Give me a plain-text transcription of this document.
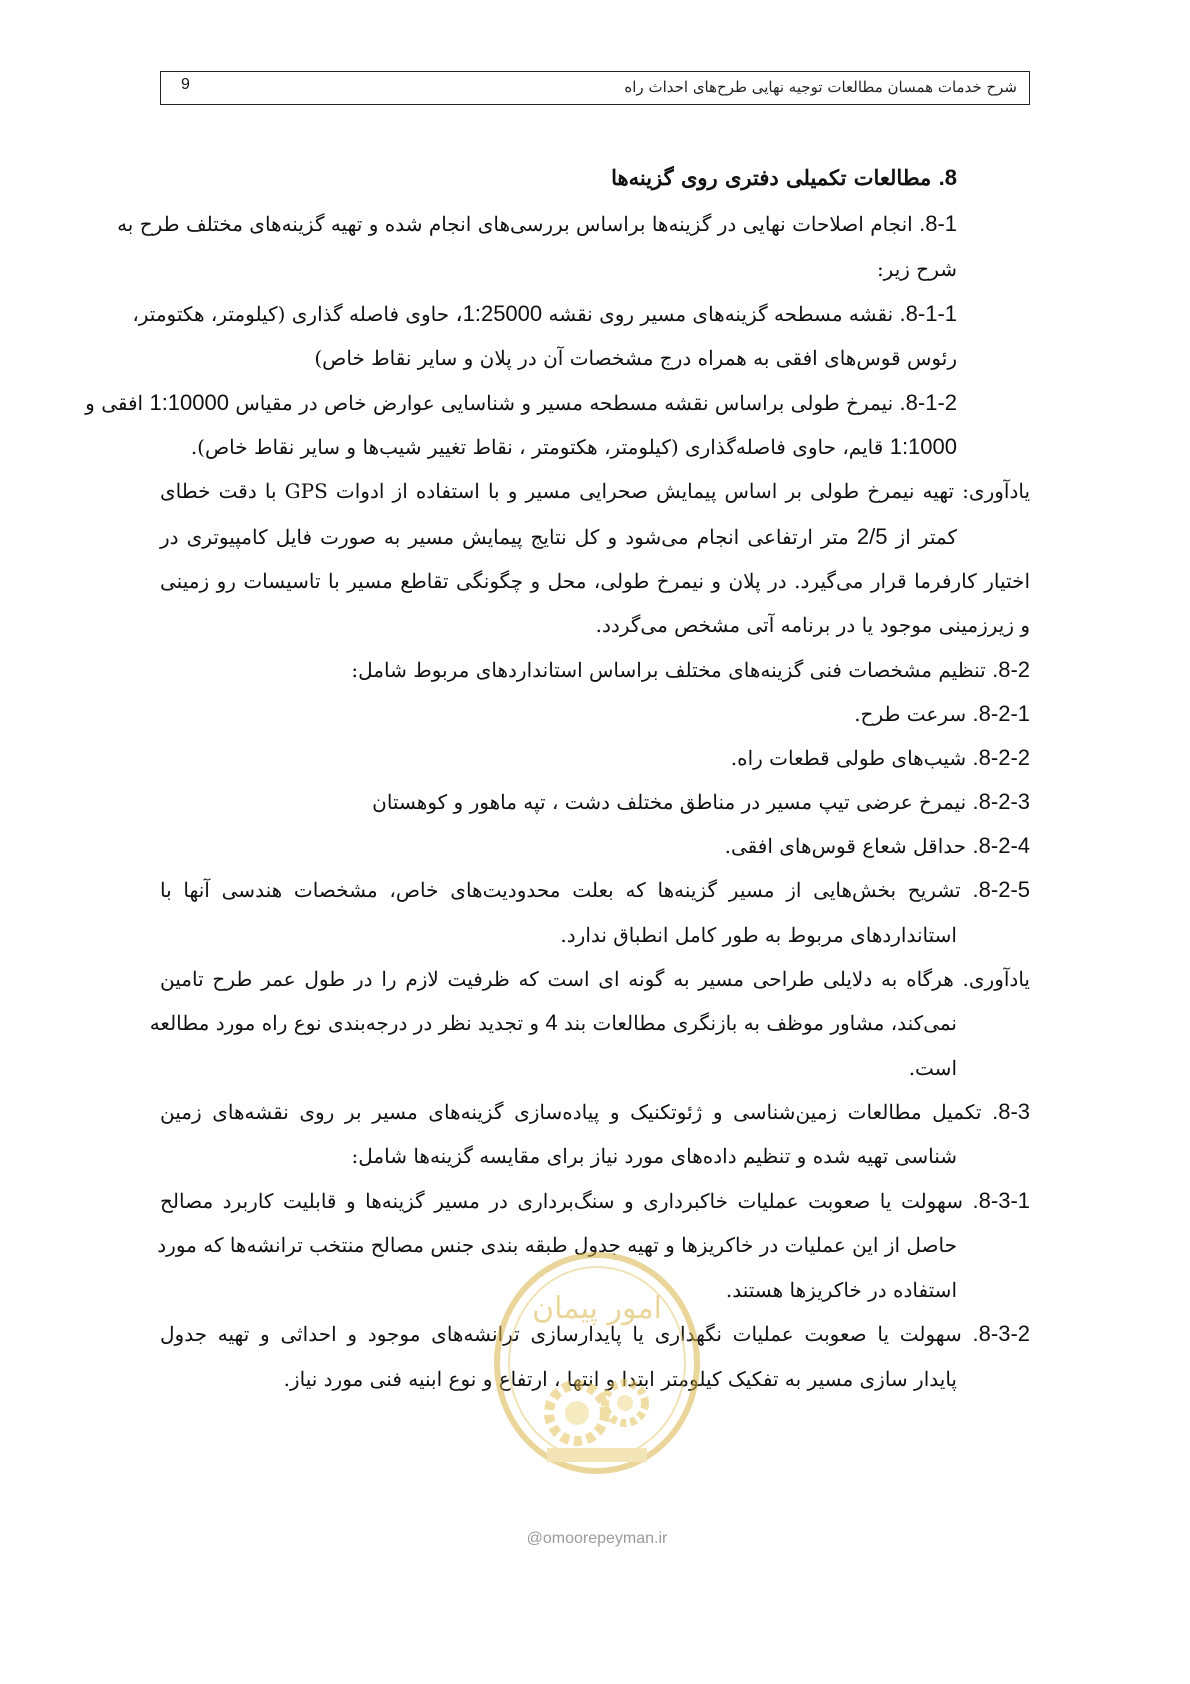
شرح خدمات همسان مطالعات توجیه نهایی طرح‌های احداث راه
9
8. مطالعات تکمیلی دفتری روی گزینه‌ها
8-1. انجام اصلاحات نهایی در گزینه‌ها براساس بررسی‌های انجام شده و تهیه گزینه‌های مختلف طرح به
شرح زیر:
8-1-1. نقشه مسطحه گزینه‌های مسیر روی نقشه 1:25000، حاوی فاصله گذاری (کیلومتر، هکتومتر،
رئوس قوس‌های افقی به همراه درج مشخصات آن در پلان و سایر نقاط خاص)
8-1-2. نیمرخ طولی براساس نقشه مسطحه مسیر و شناسایی عوارض خاص در مقیاس 1:10000 افقی و
1:1000 قایم، حاوی فاصله‌گذاری (کیلومتر، هکتومتر ، نقاط تغییر شیب‌ها و سایر نقاط خاص).
یادآوری: تهیه نیمرخ طولی بر اساس پیمایش صحرایی مسیر و با استفاده از ادوات GPS با دقت خطای
کمتر از 2/5 متر ارتفاعی انجام می‌شود و کل نتایج پیمایش مسیر به صورت فایل کامپیوتری در
اختیار کارفرما قرار می‌گیرد. در پلان و نیمرخ طولی، محل و چگونگی تقاطع مسیر با تاسیسات رو زمینی
و زیرزمینی موجود یا در برنامه آتی مشخص می‌گردد.
8-2. تنظیم مشخصات فنی گزینه‌های مختلف براساس استانداردهای مربوط شامل:
8-2-1. سرعت طرح.
8-2-2. شیب‌های طولی قطعات راه.
8-2-3. نیمرخ عرضی تیپ مسیر در مناطق مختلف دشت ، تپه ماهور و کوهستان
8-2-4. حداقل شعاع قوس‌های افقی.
8-2-5. تشریح بخش‌هایی از مسیر گزینه‌ها که بعلت محدودیت‌های خاص، مشخصات هندسی آنها با
استانداردهای مربوط به طور کامل انطباق ندارد.
یادآوری. هرگاه به دلایلی طراحی مسیر به گونه ای است که ظرفیت لازم را در طول عمر طرح تامین
نمی‌کند، مشاور موظف به بازنگری مطالعات بند 4 و تجدید نظر در درجه‌بندی نوع راه مورد مطالعه
است.
8-3. تکمیل مطالعات زمین‌شناسی و ژئوتکنیک و پیاده‌سازی گزینه‌های مسیر بر روی نقشه‌های زمین
شناسی تهیه شده و تنظیم داده‌های مورد نیاز برای مقایسه گزینه‌ها شامل:
8-3-1. سهولت یا صعوبت عملیات خاکبرداری و سنگ‌برداری در مسیر گزینه‌ها و قابلیت کاربرد مصالح
حاصل از این عملیات در خاکریزها و تهیه جدول طبقه بندی جنس مصالح منتخب ترانشه‌ها که مورد
استفاده در خاکریزها هستند.
8-3-2. سهولت یا صعوبت عملیات نگهداری یا پایدارسازی ترانشه‌های موجود و احداثی و تهیه جدول
پایدار سازی مسیر به تفکیک کیلومتر ابتدا و انتها ، ارتفاع و نوع ابنیه فنی مورد نیاز.
امور پیمان
@omoorepeyman.ir
